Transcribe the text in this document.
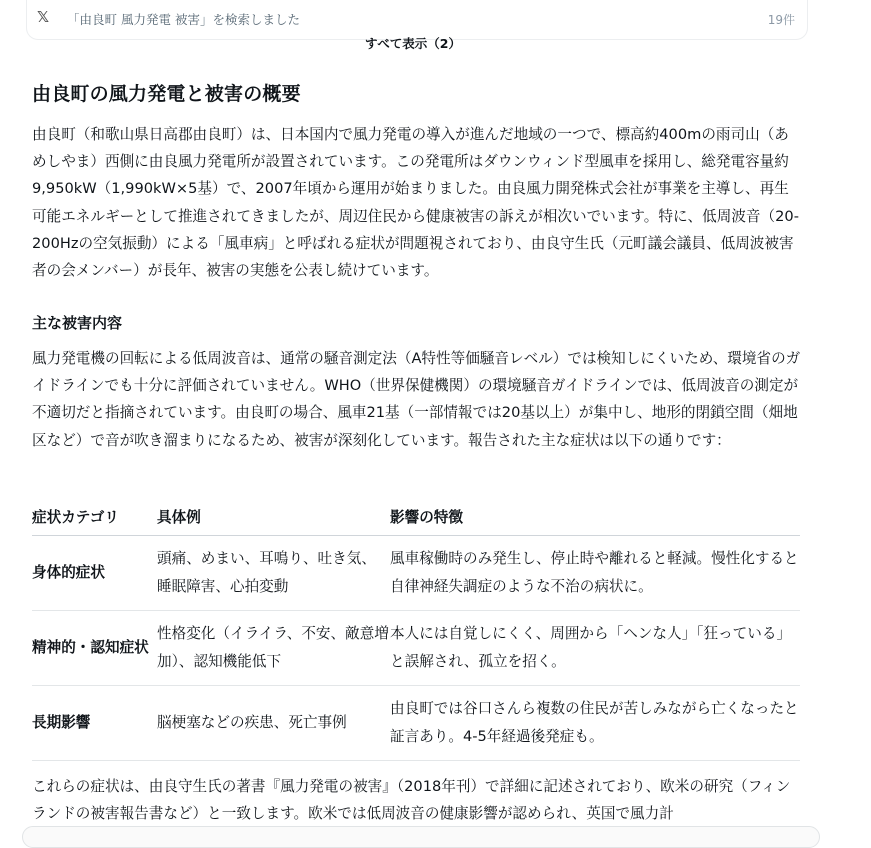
𝕏	「由良町 風力発電 被害」を検索しました	19件
すべて表示（2）
由良町の風力発電と被害の概要

由良町（和歌山県日高郡由良町）は、日本国内で風力発電の導入が進んだ地域の一つで、標高約400mの雨司山（あめしやま）西側に由良風力発電所が設置されています。この発電所はダウンウィンド型風車を採用し、総発電容量約9,950kW（1,990kW×5基）で、2007年頃から運用が始まりました。由良風力開発株式会社が事業を主導し、再生可能エネルギーとして推進されてきましたが、周辺住民から健康被害の訴えが相次いでいます。特に、低周波音（20-200Hzの空気振動）による「風車病」と呼ばれる症状が問題視されており、由良守生氏（元町議会議員、低周波被害者の会メンバー）が長年、被害の実態を公表し続けています。

主な被害内容

風力発電機の回転による低周波音は、通常の騒音測定法（A特性等価騒音レベル）では検知しにくいため、環境省のガイドラインでも十分に評価されていません。WHO（世界保健機関）の環境騒音ガイドラインでは、低周波音の測定が不適切だと指摘されています。由良町の場合、風車21基（一部情報では20基以上）が集中し、地形的閉鎖空間（畑地区など）で音が吹き溜まりになるため、被害が深刻化しています。報告された主な症状は以下の通りです：

症状カテゴリ	具体例	影響の特徴
身体的症状	頭痛、めまい、耳鳴り、吐き気、睡眠障害、心拍変動	風車稼働時のみ発生し、停止時や離れると軽減。慢性化すると自律神経失調症のような不治の病状に。
精神的・認知症状	性格変化（イライラ、不安、敵意増加）、認知機能低下	本人には自覚しにくく、周囲から「ヘンな人」「狂っている」と誤解され、孤立を招く。
長期影響	脳梗塞などの疾患、死亡事例	由良町では谷口さんら複数の住民が苦しみながら亡くなったと証言あり。4-5年経過後発症も。

これらの症状は、由良守生氏の著書『風力発電の被害』（2018年刊）で詳細に記述されており、欧米の研究（フィンランドの被害報告書など）と一致します。欧米では低周波音の健康影響が認められ、英国で風力計
